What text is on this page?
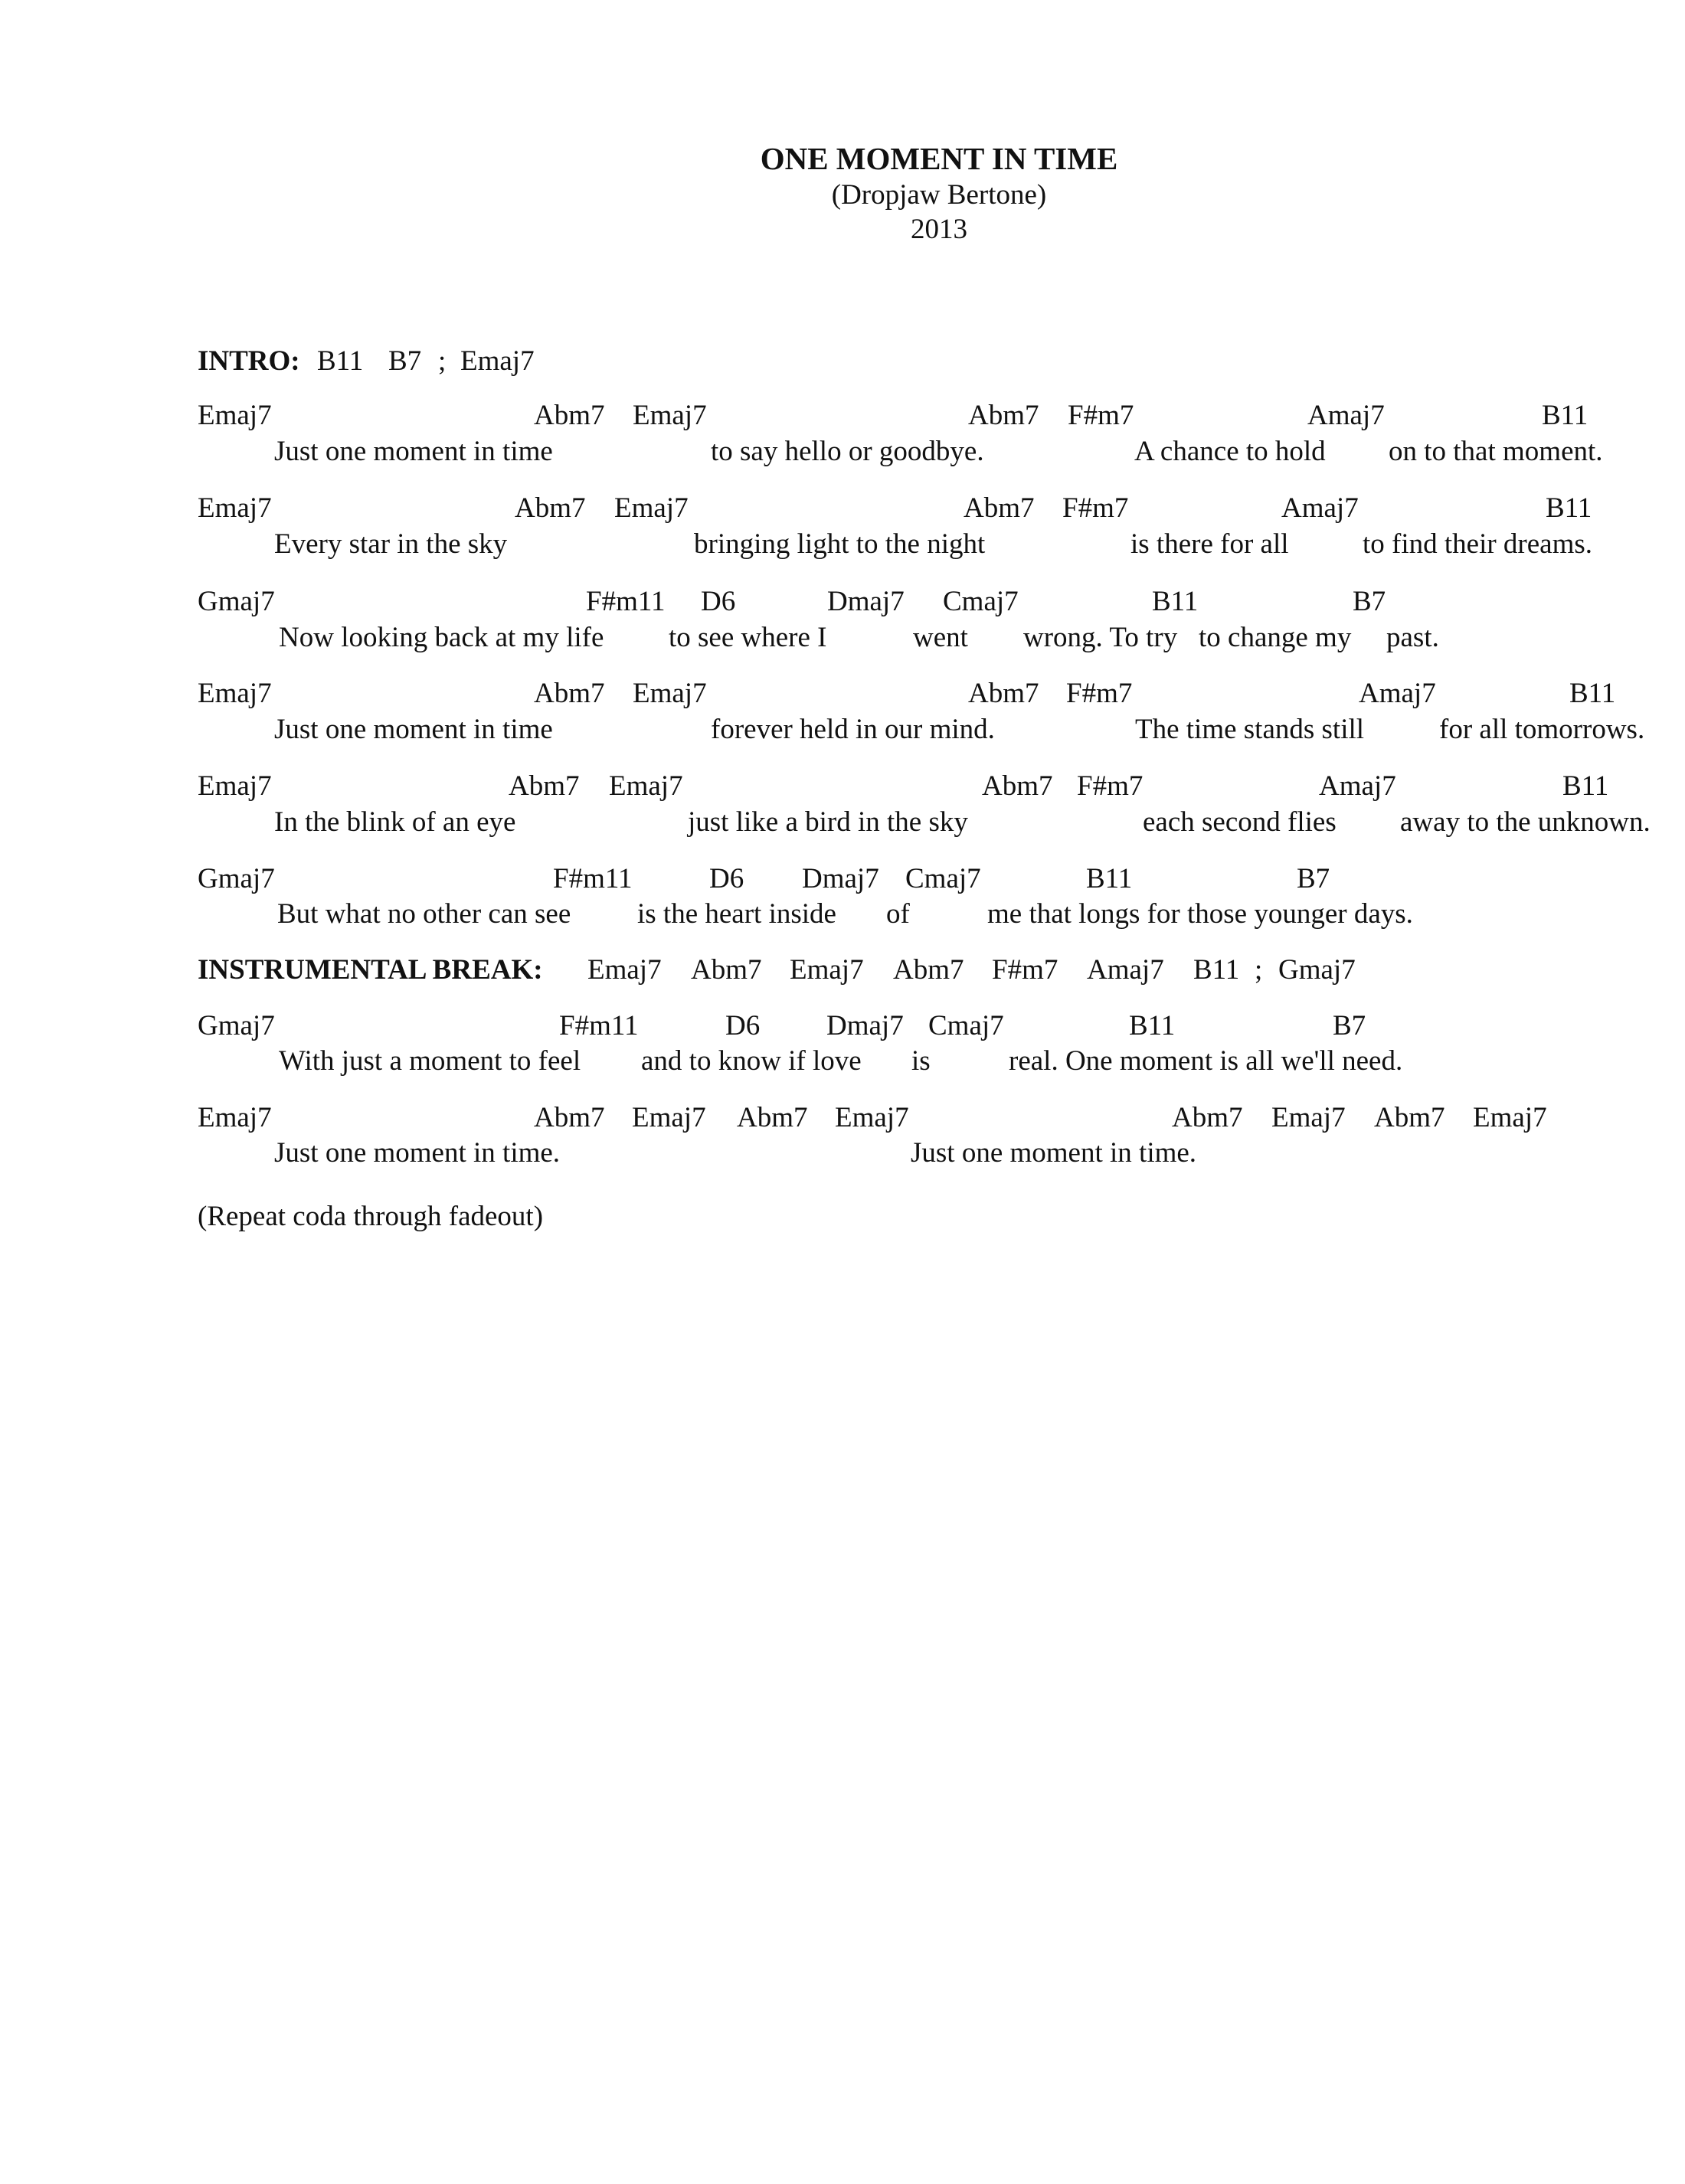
ONE MOMENT IN TIME
(Dropjaw Bertone)
2013
INTRO: B11 B7 ; Emaj7
Emaj7	Abm7 Emaj7	Abm7 F#m7	Amaj7	B11
Just one moment in time	to say hello or goodbye.	A chance to hold on to that moment.
Emaj7	Abm7 Emaj7	Abm7 F#m7	Amaj7	B11
Every star in the sky	bringing light to the night	is there for all	to find their dreams.
Gmaj7	F#m11 D6	Dmaj7 Cmaj7	B11	B7
Now looking back at my life to see where I	went wrong. To try to change my past.
Emaj7	Abm7 Emaj7	Abm7 F#m7	Amaj7	B11
Just one moment in time	forever held in our mind.	The time stands still	for all tomorrows.
Emaj7	Abm7 Emaj7	Abm7 F#m7	Amaj7	B11
In the blink of an eye	just like a bird in the sky	each second flies away to the unknown.
Gmaj7	F#m11	D6 Dmaj7 Cmaj7	B11	B7
But what no other can see is the heart inside of	me that longs for those younger days.
INSTRUMENTAL BREAK: Emaj7 Abm7 Emaj7 Abm7 F#m7 Amaj7 B11 ; Gmaj7
Gmaj7	F#m11	D6 Dmaj7 Cmaj7	B11	B7
With just a moment to feel and to know if love is	real. One moment is all we'll need.
Emaj7	Abm7 Emaj7 Abm7 Emaj7	Abm7 Emaj7 Abm7 Emaj7
Just one moment in time.	Just one moment in time.
(Repeat coda through fadeout)
